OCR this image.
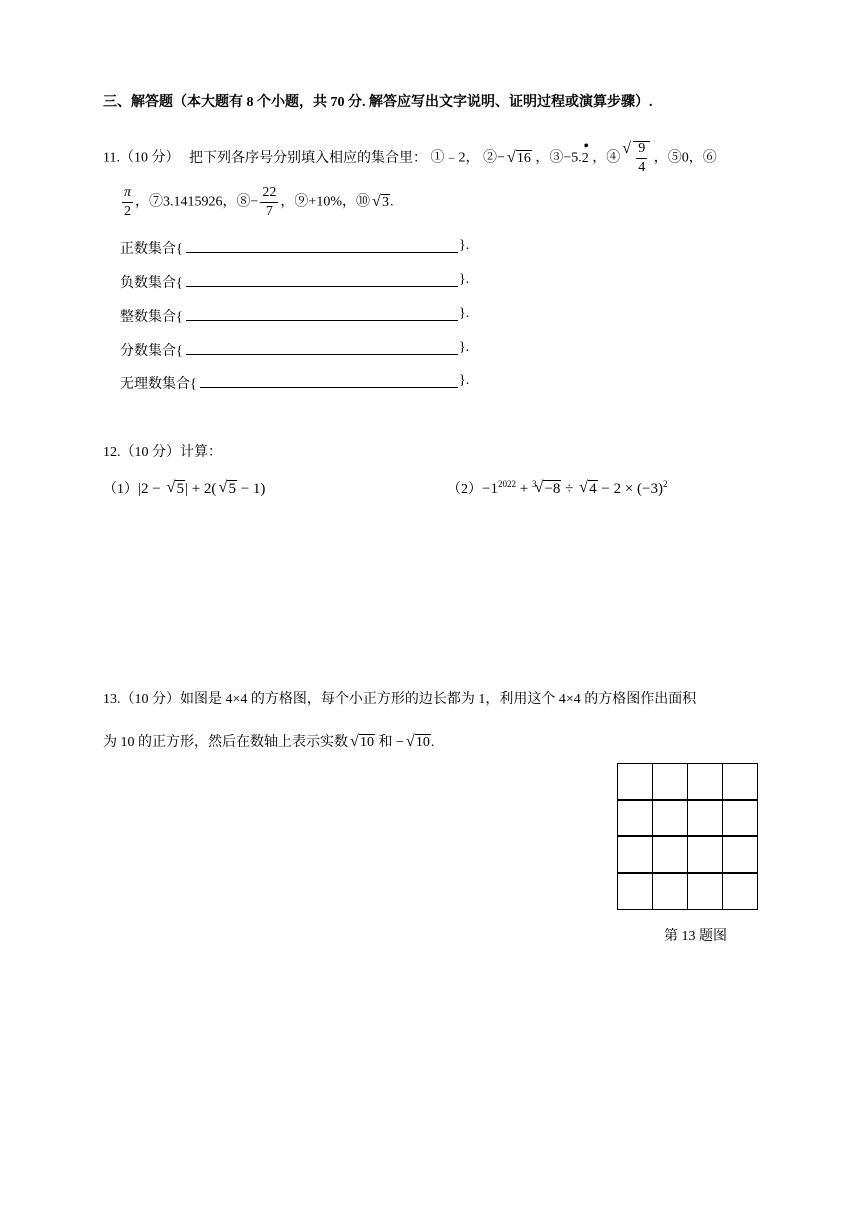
三、解答题（本大题有 8 个小题，共 70 分. 解答应写出文字说明、证明过程或演算步骤）.
11.（10 分） 把下列各序号分别填入相应的集合里： ①﹣2， ②−√ 16 ，③−5.
•
2 ，④
√ $\frac{9}{4}$ ，⑤0，⑥
$\frac{\pi}{2}$ ，⑦3.1415926，⑧− $\frac{22}{7}$ ，⑨+10%，⑩√ 3.
正数集合{	}.
负数集合{	}.
整数集合{	}.
分数集合{	}.
无理数集合{	}.
12.（10 分）计算：
（1）|2 − √ 5| + 2(√ 5 − 1)	$(2)-1^{2022} + ^3√ -8$ ÷ √ $4 - 2 \times (-3)^2$
13.（10 分）如图是 4×4 的方格图，每个小正方形的边长都为 1，利用这个 4×4 的方格图作出面积
为 10 的正方形，然后在数轴上表示实数√ 10 和 −√ 10.
第 13 题图
